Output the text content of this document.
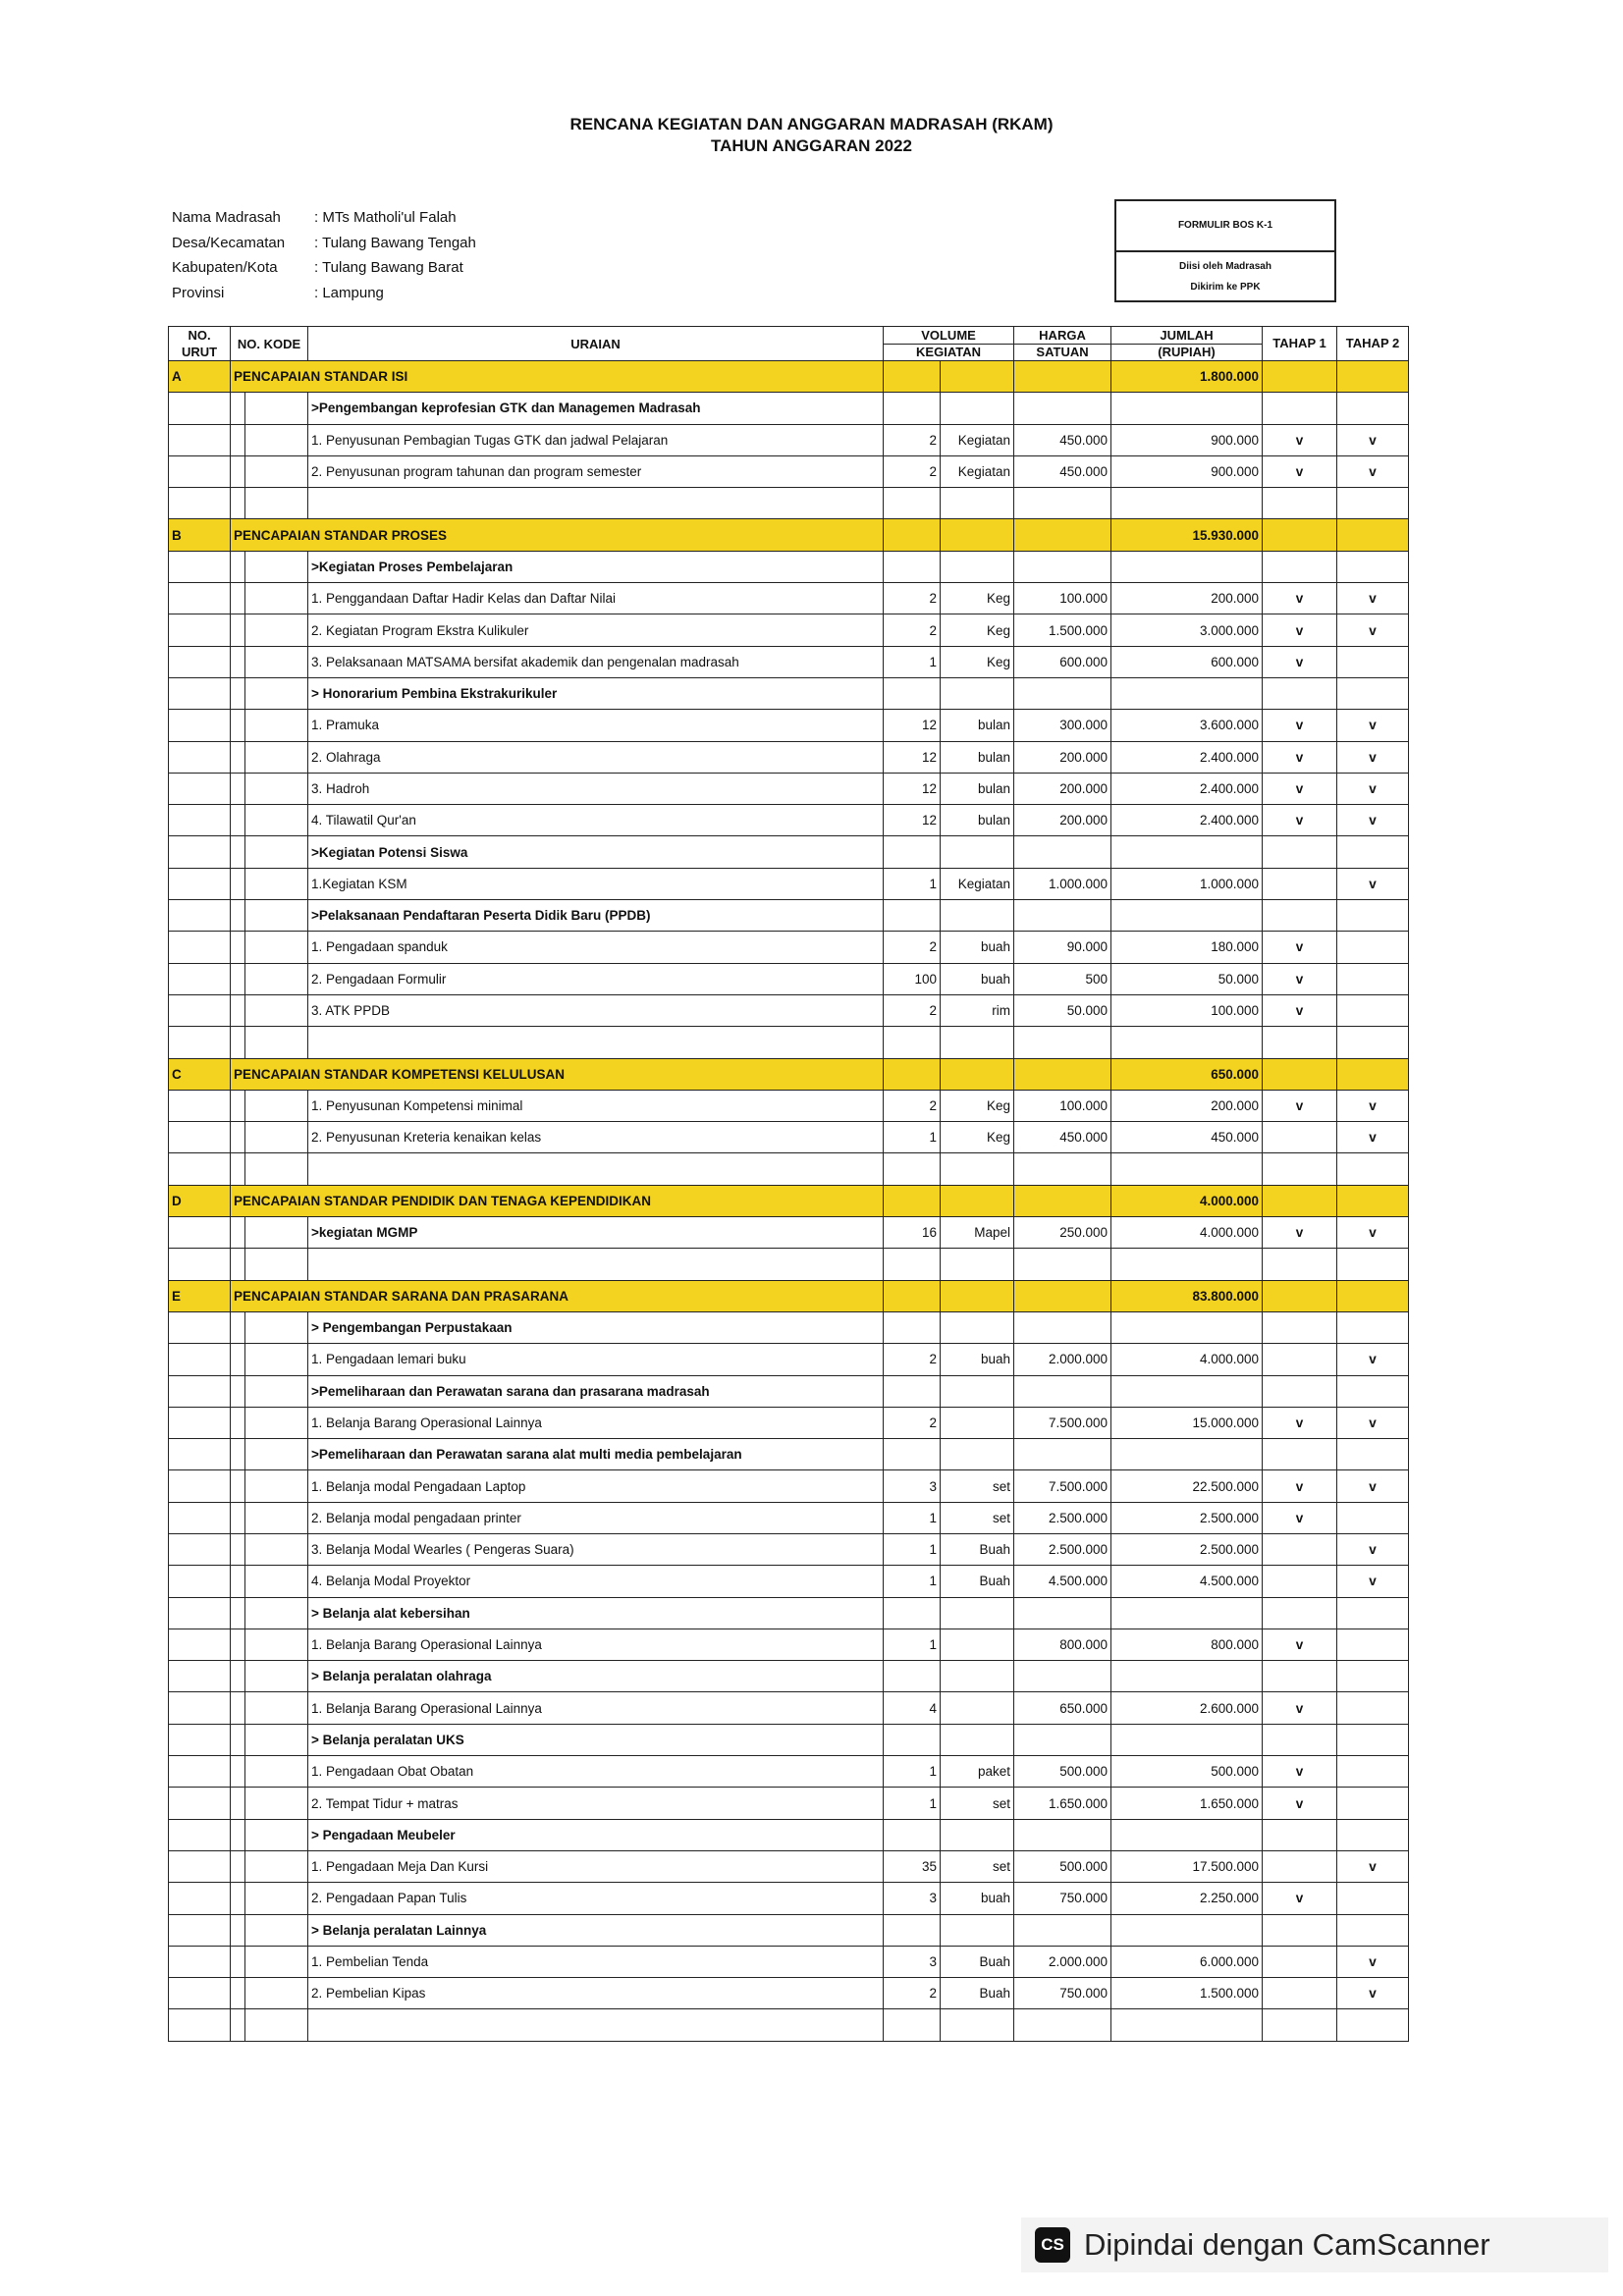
RENCANA KEGIATAN DAN ANGGARAN MADRASAH (RKAM)
TAHUN ANGGARAN 2022
Nama Madrasah	: MTs Matholi'ul Falah
Desa/Kecamatan	: Tulang Bawang Tengah
Kabupaten/Kota	: Tulang Bawang Barat
Provinsi	: Lampung
FORMULIR BOS K-1
Diisi oleh Madrasah
Dikirim ke PPK
NO. URUT	NO. KODE		URAIAN	VOLUME		HARGA	JUMLAH	TAHAP 1	TAHAP 2
				KEGIATAN		SATUAN	(RUPIAH)		
A	PENCAPAIAN STANDAR ISI						1.800.000		
			>Pengembangan keprofesian GTK dan Managemen Madrasah						
			1. Penyusunan Pembagian Tugas GTK dan jadwal Pelajaran	2	Kegiatan	450.000	900.000	v	v
			2. Penyusunan program tahunan dan program semester	2	Kegiatan	450.000	900.000	v	v

B	PENCAPAIAN STANDAR PROSES						15.930.000		
			>Kegiatan Proses Pembelajaran						
			1. Penggandaan Daftar Hadir Kelas dan Daftar Nilai	2	Keg	100.000	200.000	v	v
			2. Kegiatan Program Ekstra Kulikuler	2	Keg	1.500.000	3.000.000	v	v
			3. Pelaksanaan MATSAMA bersifat akademik dan pengenalan madrasah	1	Keg	600.000	600.000	v	
			> Honorarium Pembina Ekstrakurikuler						
			1. Pramuka	12	bulan	300.000	3.600.000	v	v
			2. Olahraga	12	bulan	200.000	2.400.000	v	v
			3. Hadroh	12	bulan	200.000	2.400.000	v	v
			4. Tilawatil Qur'an	12	bulan	200.000	2.400.000	v	v
			>Kegiatan Potensi Siswa						
			1.Kegiatan KSM	1	Kegiatan	1.000.000	1.000.000		v
			>Pelaksanaan Pendaftaran Peserta Didik Baru (PPDB)						
			1. Pengadaan spanduk	2	buah	90.000	180.000	v	
			2. Pengadaan Formulir	100	buah	500	50.000	v	
			3. ATK PPDB	2	rim	50.000	100.000	v	

C	PENCAPAIAN STANDAR KOMPETENSI KELULUSAN						650.000		
			1. Penyusunan Kompetensi minimal	2	Keg	100.000	200.000	v	v
			2. Penyusunan Kreteria kenaikan kelas	1	Keg	450.000	450.000		v

D	PENCAPAIAN STANDAR PENDIDIK DAN TENAGA KEPENDIDIKAN						4.000.000		
			>kegiatan MGMP	16	Mapel	250.000	4.000.000	v	v

E	PENCAPAIAN STANDAR SARANA DAN PRASARANA						83.800.000		
			> Pengembangan Perpustakaan						
			1. Pengadaan lemari buku	2	buah	2.000.000	4.000.000		v
			>Pemeliharaan dan Perawatan sarana dan prasarana madrasah						
			1. Belanja Barang Operasional Lainnya	2		7.500.000	15.000.000	v	v
			>Pemeliharaan dan Perawatan sarana alat multi media pembelajaran						
			1. Belanja modal Pengadaan Laptop	3	set	7.500.000	22.500.000	v	v
			2. Belanja modal pengadaan printer	1	set	2.500.000	2.500.000	v	
			3. Belanja Modal Wearles ( Pengeras Suara)	1	Buah	2.500.000	2.500.000		v
			4. Belanja Modal Proyektor	1	Buah	4.500.000	4.500.000		v
			> Belanja alat kebersihan						
			1. Belanja Barang Operasional Lainnya	1		800.000	800.000	v	
			> Belanja peralatan olahraga						
			1. Belanja Barang Operasional Lainnya	4		650.000	2.600.000	v	
			> Belanja peralatan UKS						
			1. Pengadaan Obat Obatan	1	paket	500.000	500.000	v	
			2. Tempat Tidur + matras	1	set	1.650.000	1.650.000	v	
			> Pengadaan Meubeler						
			1. Pengadaan Meja Dan Kursi	35	set	500.000	17.500.000		v
			2. Pengadaan Papan Tulis	3	buah	750.000	2.250.000	v	
			> Belanja peralatan Lainnya						
			1. Pembelian Tenda	3	Buah	2.000.000	6.000.000		v
			2. Pembelian Kipas	2	Buah	750.000	1.500.000		v

CS Dipindai dengan CamScanner
